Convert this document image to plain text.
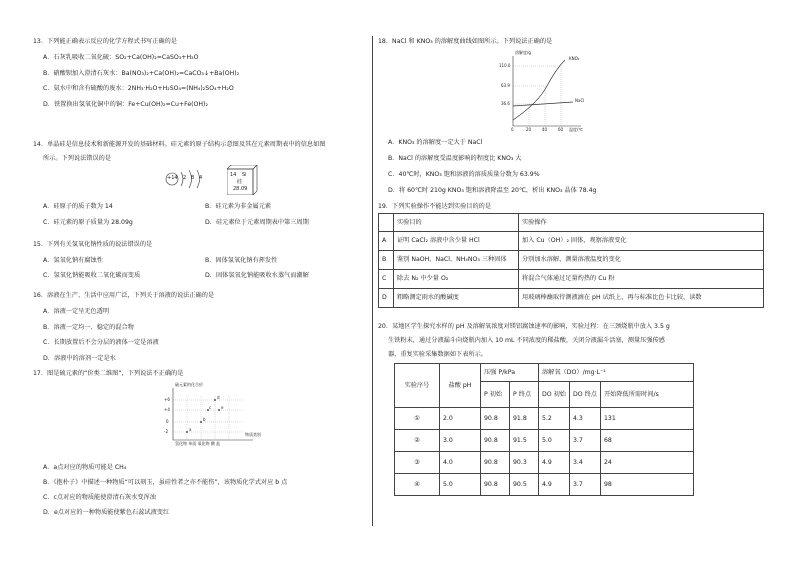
13．下列能正确表示反应的化学方程式书写正确的是
A．石灰乳吸收二氧化硫：SO₂+Ca(OH)₂=CaSO₃+H₂O
B．硝酸钡加入澄清石灰水：Ba(NO₃)₂+Ca(OH)₂=CaCO₃↓+Ba(OH)₂
C．氨水中和含有硫酸的废水：2NH₃·H₂O+H₂SO₄=(NH₄)₂SO₄+H₂O
D．铁置换出氢氧化铜中的铜：Fe+Cu(OH)₂=Cu+Fe(OH)₂
14．单晶硅是信息技术和新能源开发的基础材料。硅元素的原子结构示意图及其在元素周期表中的信息如图
所示。下列说法错误的是
+14 2 8 4	14 Si
硅
28.09
A．硅原子的质子数为 14	B．硅元素为非金属元素
C．硅元素的原子质量为 28.09g	D．硅元素位于元素周期表中第三周期
15．下列有关氢氧化钠性质的说法错误的是
A．氢氧化钠有腐蚀性	B．固体氢氧化钠有挥发性
C．氢氧化钠能吸收二氧化碳而变质	D．固体氢氧化钠能吸收水蒸气而潮解
16．溶液在生产、生活中应用广泛，下列关于溶液的说法正确的是
A．溶液一定呈无色透明
B．溶液一定均一、稳定的混合物
C．长期放置后不会分层的液体一定是溶液
D．溶液中的溶剂一定是水
17．图是硫元素的“价类二维图”，下列说法不正确的是
硫元素的化合价
物质类别
+6
+4
0
-2
氢化物 单质 氧化物 酸 盐
a
b
c
d
e
A．a点对应的物质可能是 CH₄
B．《抱朴子》中描述一种物质“可以刻玉，虽硅性者之亦不能伤”，该物质化学式对应 b 点
C．c点对应的物质能使澄清石灰水变浑浊
D．e点对应的一种物质能使紫色石蕊试液变红
18．NaCl 和 KNO₃ 的溶解度曲线如图所示。下列说法正确的是
溶解度/g
温度/℃
110.0
63.9
36.6
0	20	40	60
KNO₃
NaCl
A．KNO₃ 的溶解度一定大于 NaCl
B．NaCl 的溶解度受温度影响的程度比 KNO₃ 大
C．40℃时，KNO₃ 饱和溶液的溶质质量分数为 63.9%
D．将 60℃时 210g KNO₃ 饱和溶液降温至 20℃，析出 KNO₃ 晶体 78.4g
19．下列实验操作不能达到实验目的的是
	实验目的	实验操作
A	证明 CaCl₂ 溶液中含少量 HCl	加入 Cu（OH）₂ 固体，观察溶液变化
B	鉴别 NaOH、NaCl、NH₄NO₃ 三种固体	分别加水溶解，测量溶液温度的变化
C	除去 N₂ 中少量 O₂	将混合气体通过足量灼热的 Cu 粉
D	粗略测定雨水的酸碱度	用玻璃棒蘸取待测液滴在 pH 试纸上，再与标准比色卡比较，读数
20．某地区学生探究水样的 pH 及溶解氧浓度对镁铝腐蚀速率的影响，实验过程：在三颈烧瓶中放入 3.5 g
生铁粉末，通过分液漏斗向烧瓶内加入 10 mL 不同浓度的稀盐酸，关闭分液漏斗活塞，测量压强传感
器，重复实验采集数据如下表所示。
实验序号	盐酸 pH	压强 P/kPa		溶解氧（DO）/mg·L⁻¹		
		P 初始	P 终点	DO 初始	DO 终点	开始降低所需时间/s
①	2.0	90.8	91.8	5.2	4.3	131
②	3.0	90.8	91.5	5.0	3.7	68
③	4.0	90.8	90.3	4.9	3.4	24
④	5.0	90.8	90.5	4.9	3.7	98
